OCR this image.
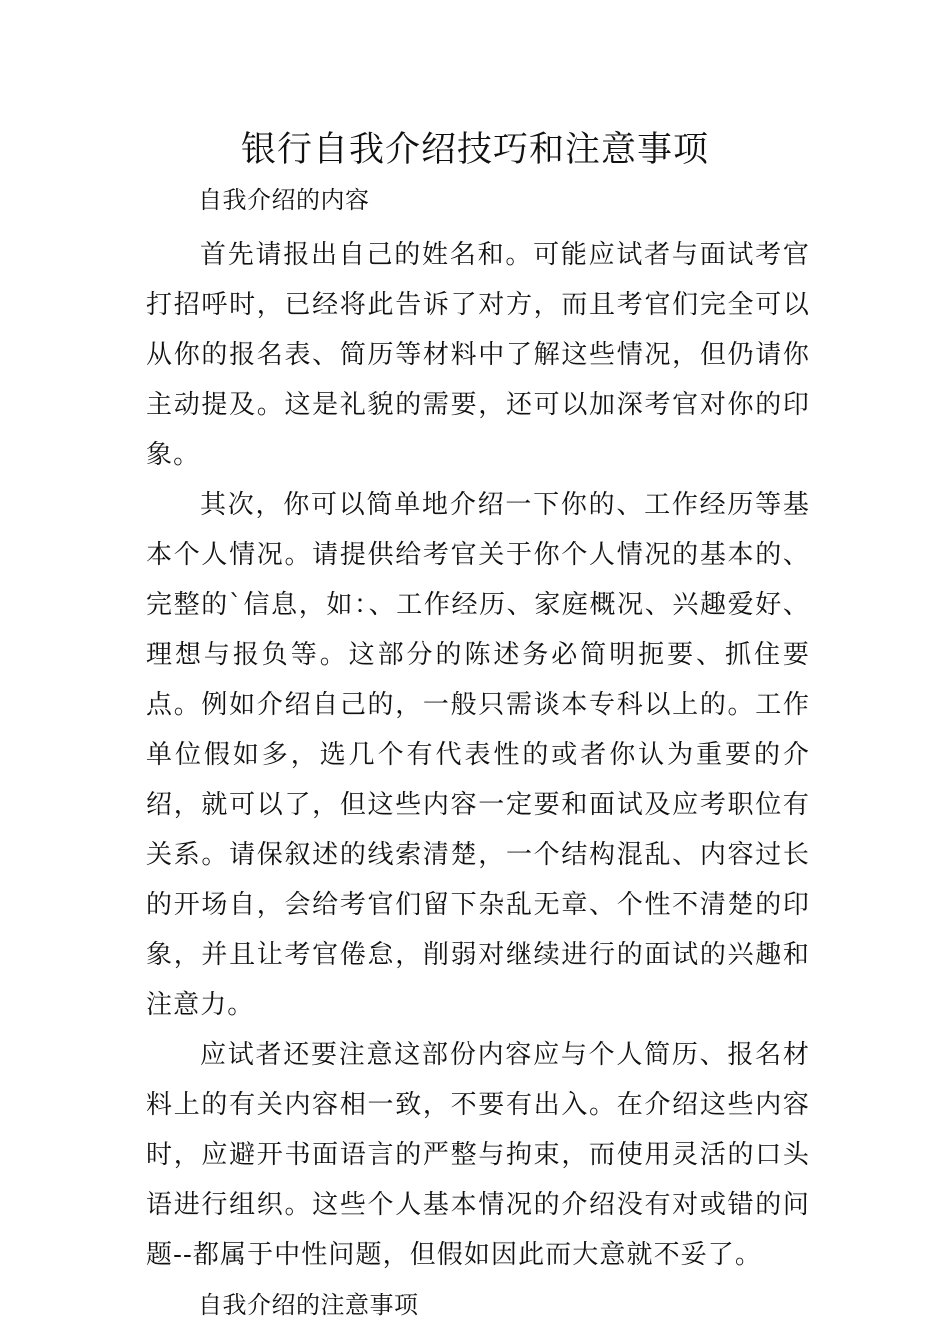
银行自我介绍技巧和注意事项

自我介绍的内容

首先请报出自己的姓名和。可能应试者与面试考官打招呼时，已经将此告诉了对方，而且考官们完全可以从你的报名表、简历等材料中了解这些情况，但仍请你主动提及。这是礼貌的需要，还可以加深考官对你的印象。

其次，你可以简单地介绍一下你的、工作经历等基本个人情况。请提供给考官关于你个人情况的基本的、完整的`信息，如：、工作经历、家庭概况、兴趣爱好、理想与报负等。这部分的陈述务必简明扼要、抓住要点。例如介绍自己的，一般只需谈本专科以上的。工作单位假如多，选几个有代表性的或者你认为重要的介绍，就可以了，但这些内容一定要和面试及应考职位有关系。请保叙述的线索清楚，一个结构混乱、内容过长的开场自，会给考官们留下杂乱无章、个性不清楚的印象，并且让考官倦怠，削弱对继续进行的面试的兴趣和注意力。

应试者还要注意这部份内容应与个人简历、报名材料上的有关内容相一致，不要有出入。在介绍这些内容时，应避开书面语言的严整与拘束，而使用灵活的口头语进行组织。这些个人基本情况的介绍没有对或错的问题--都属于中性问题，但假如因此而大意就不妥了。

自我介绍的注意事项
